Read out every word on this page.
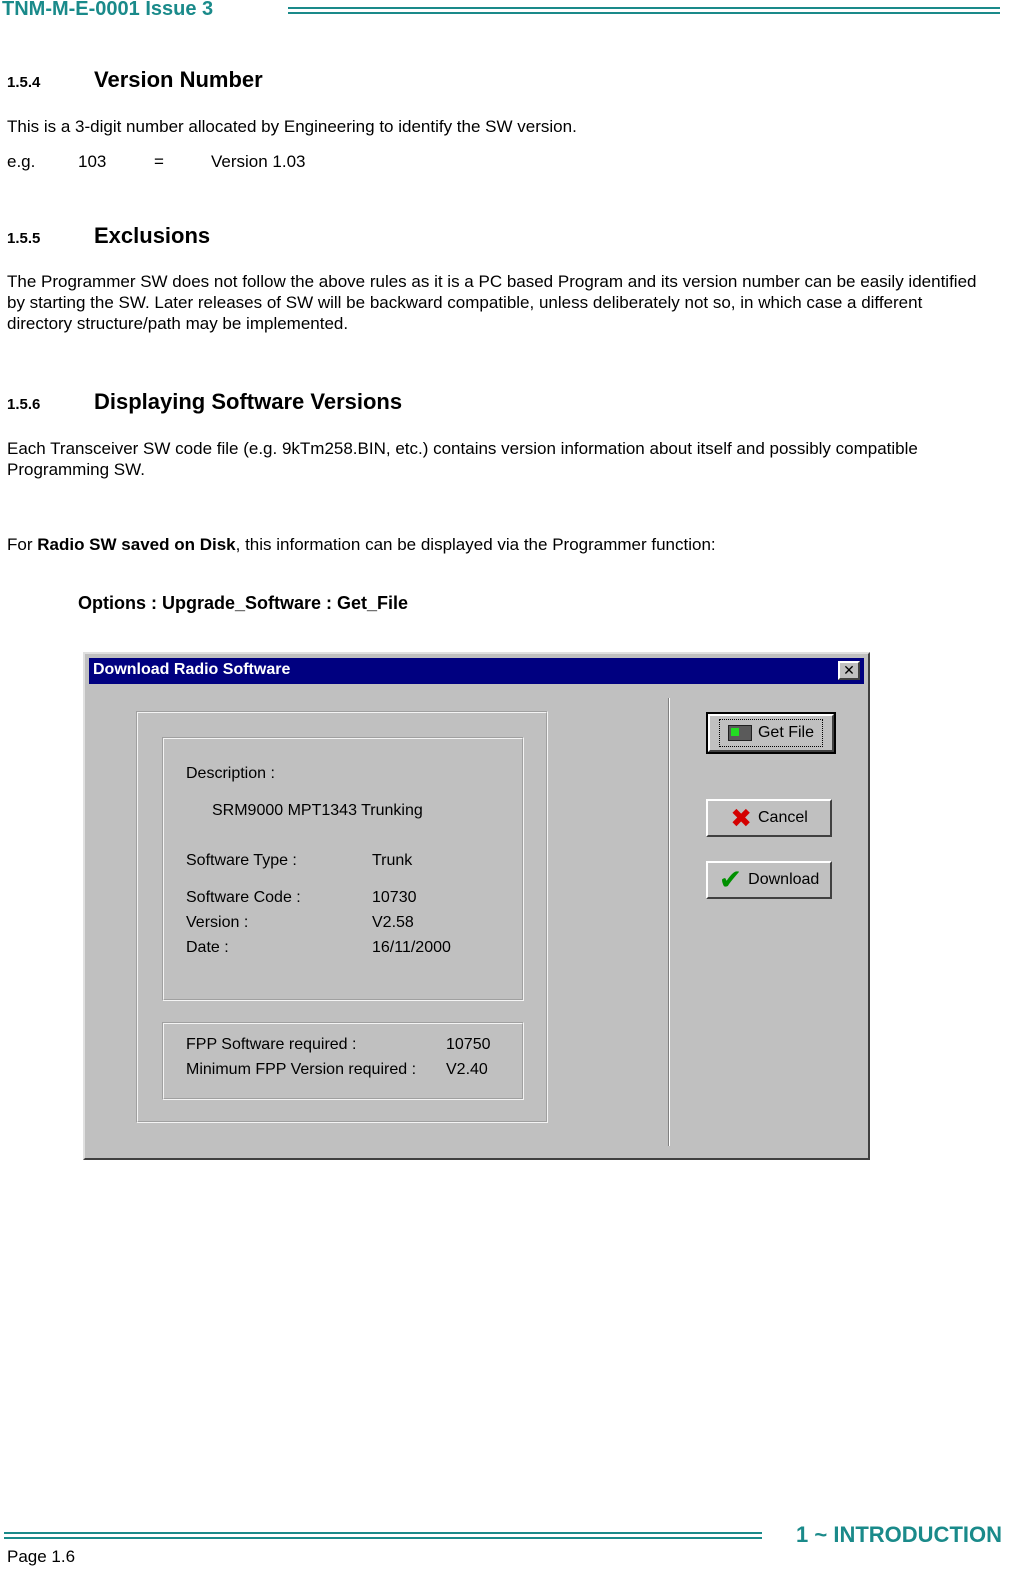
TNM-M-E-0001 Issue 3
1.5.4 Version Number
This is a 3-digit number allocated by Engineering to identify the SW version.
e.g.	103	=	Version 1.03
1.5.5 Exclusions
The Programmer SW does not follow the above rules as it is a PC based Program and its version number can be easily identified by starting the SW. Later releases of SW will be backward compatible, unless deliberately not so, in which case a different directory structure/path may be implemented.
1.5.6 Displaying Software Versions
Each Transceiver SW code file (e.g. 9kTm258.BIN, etc.) contains version information about itself and possibly compatible Programming SW.
For Radio SW saved on Disk, this information can be displayed via the Programmer function:
Options : Upgrade_Software : Get_File
Download Radio Software	✕
Description :
SRM9000 MPT1343 Trunking
Software Type :	Trunk
Software Code :	10730
Version :	V2.58
Date :	16/11/2000
FPP Software required :	10750
Minimum FPP Version required : V2.40
Get File
✖ Cancel
✔ Download
1 ~ INTRODUCTION
Page 1.6
